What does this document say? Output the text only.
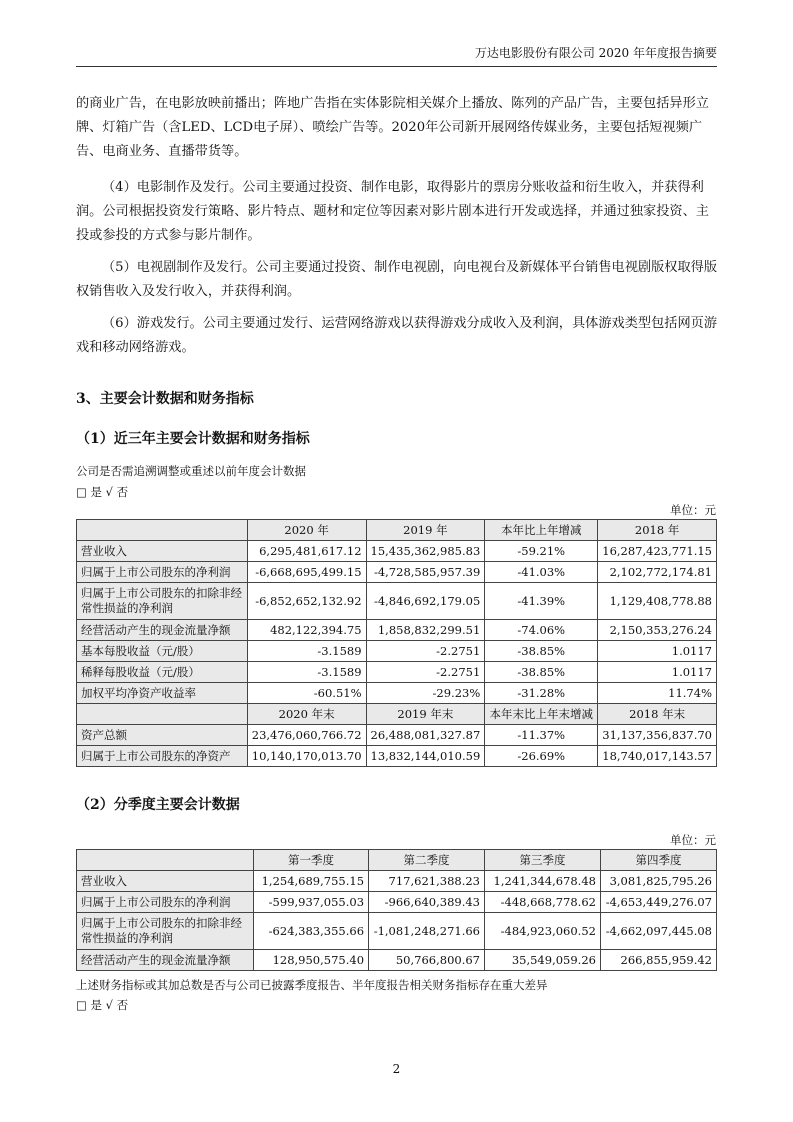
万达电影股份有限公司 2020 年年度报告摘要
的商业广告，在电影放映前播出；阵地广告指在实体影院相关媒介上播放、陈列的产品广告，主要包括异形立牌、灯箱广告（含LED、LCD电子屏）、喷绘广告等。2020年公司新开展网络传媒业务，主要包括短视频广告、电商业务、直播带货等。
（4）电影制作及发行。公司主要通过投资、制作电影，取得影片的票房分账收益和衍生收入，并获得利润。公司根据投资发行策略、影片特点、题材和定位等因素对影片剧本进行开发或选择，并通过独家投资、主投或参投的方式参与影片制作。
（5）电视剧制作及发行。公司主要通过投资、制作电视剧，向电视台及新媒体平台销售电视剧版权取得版权销售收入及发行收入，并获得利润。
（6）游戏发行。公司主要通过发行、运营网络游戏以获得游戏分成收入及利润，具体游戏类型包括网页游戏和移动网络游戏。
3、主要会计数据和财务指标
（1）近三年主要会计数据和财务指标
公司是否需追溯调整或重述以前年度会计数据
□ 是 √ 否
单位：元
	2020 年	2019 年	本年比上年增减	2018 年
营业收入	6,295,481,617.12	15,435,362,985.83	-59.21%	16,287,423,771.15
归属于上市公司股东的净利润	-6,668,695,499.15	-4,728,585,957.39	-41.03%	2,102,772,174.81
归属于上市公司股东的扣除非经常性损益的净利润	-6,852,652,132.92	-4,846,692,179.05	-41.39%	1,129,408,778.88
经营活动产生的现金流量净额	482,122,394.75	1,858,832,299.51	-74.06%	2,150,353,276.24
基本每股收益（元/股）	-3.1589	-2.2751	-38.85%	1.0117
稀释每股收益（元/股）	-3.1589	-2.2751	-38.85%	1.0117
加权平均净资产收益率	-60.51%	-29.23%	-31.28%	11.74%
	2020 年末	2019 年末	本年末比上年末增减	2018 年末
资产总额	23,476,060,766.72	26,488,081,327.87	-11.37%	31,137,356,837.70
归属于上市公司股东的净资产	10,140,170,013.70	13,832,144,010.59	-26.69%	18,740,017,143.57
（2）分季度主要会计数据
单位：元
	第一季度	第二季度	第三季度	第四季度
营业收入	1,254,689,755.15	717,621,388.23	1,241,344,678.48	3,081,825,795.26
归属于上市公司股东的净利润	-599,937,055.03	-966,640,389.43	-448,668,778.62	-4,653,449,276.07
归属于上市公司股东的扣除非经常性损益的净利润	-624,383,355.66	-1,081,248,271.66	-484,923,060.52	-4,662,097,445.08
经营活动产生的现金流量净额	128,950,575.40	50,766,800.67	35,549,059.26	266,855,959.42
上述财务指标或其加总数是否与公司已披露季度报告、半年度报告相关财务指标存在重大差异
□ 是 √ 否
2
